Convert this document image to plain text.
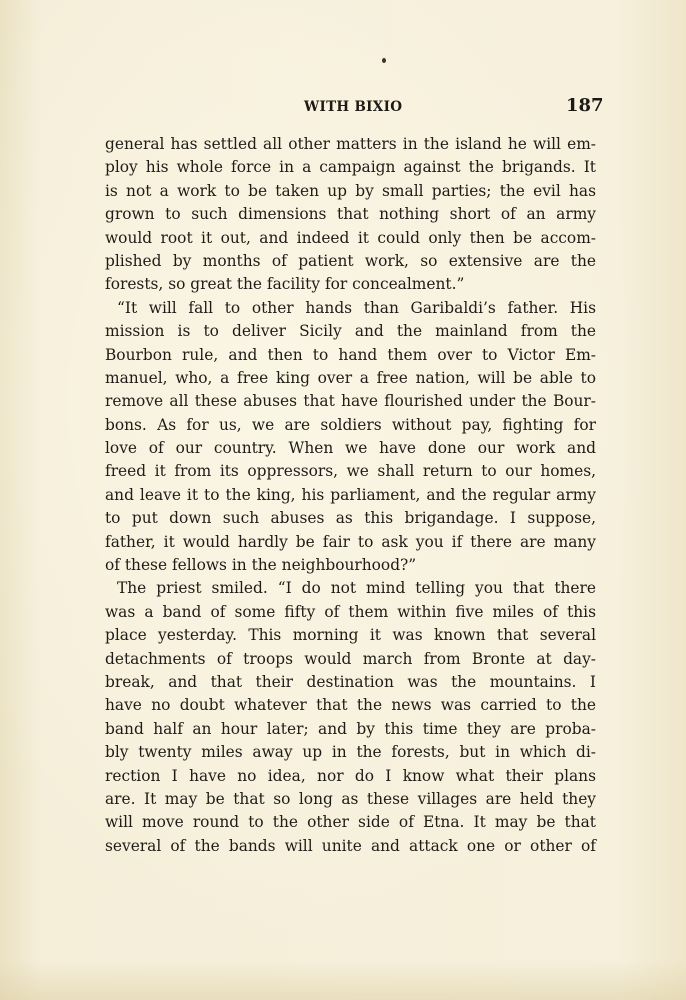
WITH BIXIO	187
general has settled all other matters in the island he will em-
ploy his whole force in a campaign against the brigands. It
is not a work to be taken up by small parties; the evil has
grown to such dimensions that nothing short of an army
would root it out, and indeed it could only then be accom-
plished by months of patient work, so extensive are the
forests, so great the facility for concealment.”
“It will fall to other hands than Garibaldi’s father. His
mission is to deliver Sicily and the mainland from the
Bourbon rule, and then to hand them over to Victor Em-
manuel, who, a free king over a free nation, will be able to
remove all these abuses that have flourished under the Bour-
bons. As for us, we are soldiers without pay, fighting for
love of our country. When we have done our work and
freed it from its oppressors, we shall return to our homes,
and leave it to the king, his parliament, and the regular army
to put down such abuses as this brigandage. I suppose,
father, it would hardly be fair to ask you if there are many
of these fellows in the neighbourhood?”
The priest smiled. “I do not mind telling you that there
was a band of some fifty of them within five miles of this
place yesterday. This morning it was known that several
detachments of troops would march from Bronte at day-
break, and that their destination was the mountains. I
have no doubt whatever that the news was carried to the
band half an hour later; and by this time they are proba-
bly twenty miles away up in the forests, but in which di-
rection I have no idea, nor do I know what their plans
are. It may be that so long as these villages are held they
will move round to the other side of Etna. It may be that
several of the bands will unite and attack one or other of
